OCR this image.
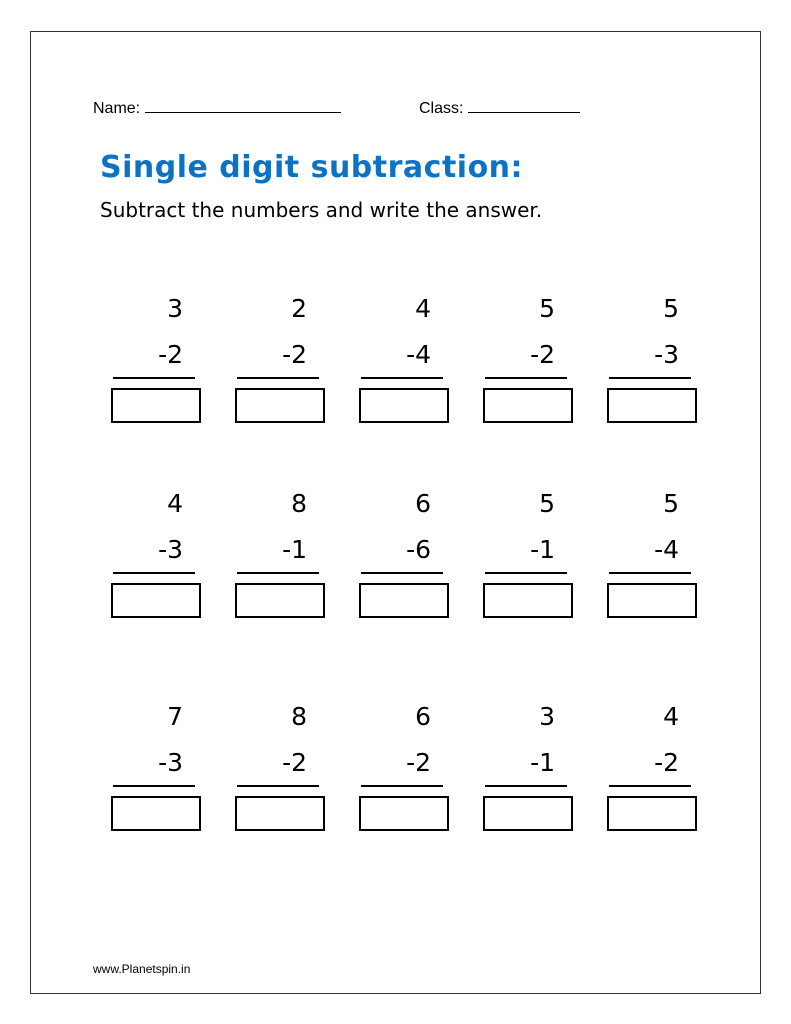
Name:	Class:
Single digit subtraction:
Subtract the numbers and write the answer.
3
-2
2
-2
4
-4
5
-2
5
-3
4
-3
8
-1
6
-6
5
-1
5
-4
7
-3
8
-2
6
-2
3
-1
4
-2
www.Planetspin.in
